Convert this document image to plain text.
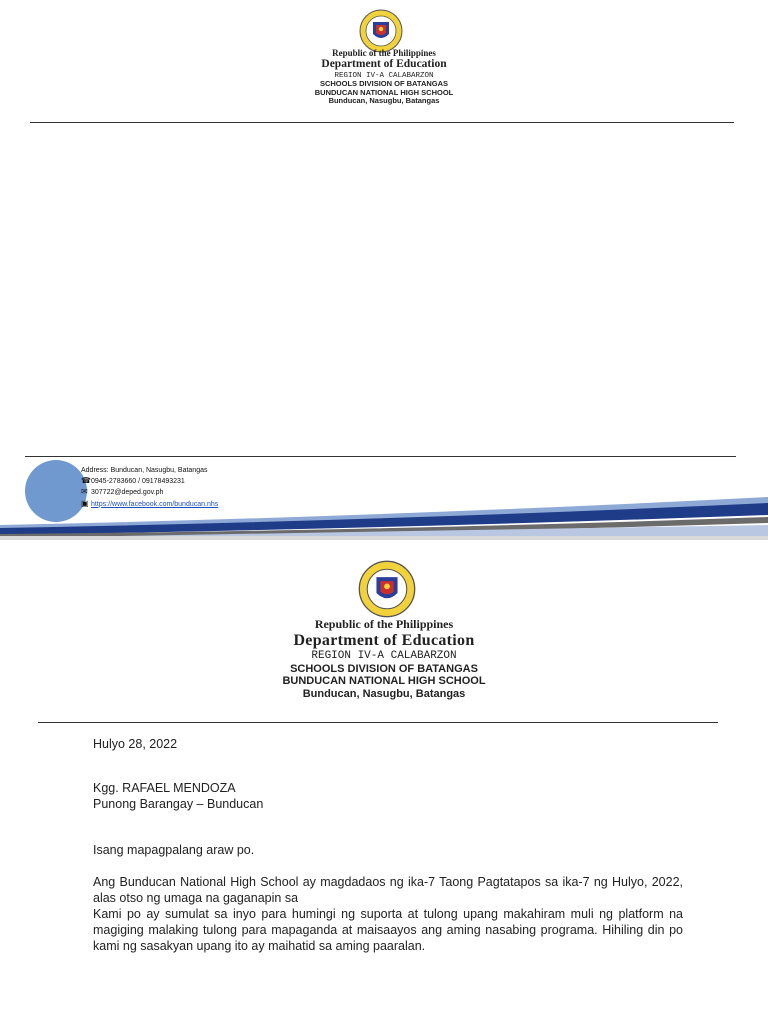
Republic of the Philippines
Department of Education
REGION IV-A CALABARZON
SCHOOLS DIVISION OF BATANGAS
BUNDUCAN NATIONAL HIGH SCHOOL
Bunducan, Nasugbu, Batangas
Address: Bunducan, Nasugbu, Batangas
☎0945-2783660 / 09178493231
✉ 307722@deped.gov.ph
▣ https://www.facebook.com/bunducan.nhs
Republic of the Philippines
Department of Education
REGION IV-A CALABARZON
SCHOOLS DIVISION OF BATANGAS
BUNDUCAN NATIONAL HIGH SCHOOL
Bunducan, Nasugbu, Batangas

Hulyo 28, 2022

Kgg. RAFAEL MENDOZA

Punong Barangay – Bunducan

Isang mapagpalang araw po.

Ang Bunducan National High School ay magdadaos ng ika-7 Taong Pagtatapos sa ika-7 ng Hulyo, 2022, alas otso ng umaga na gaganapin sa

Kami po ay sumulat sa inyo para humingi ng suporta at tulong upang makahiram muli ng platform na magiging malaking tulong para mapaganda at maisaayos ang aming nasabing programa. Hihiling din po kami ng sasakyan upang ito ay maihatid sa aming paaralan.
